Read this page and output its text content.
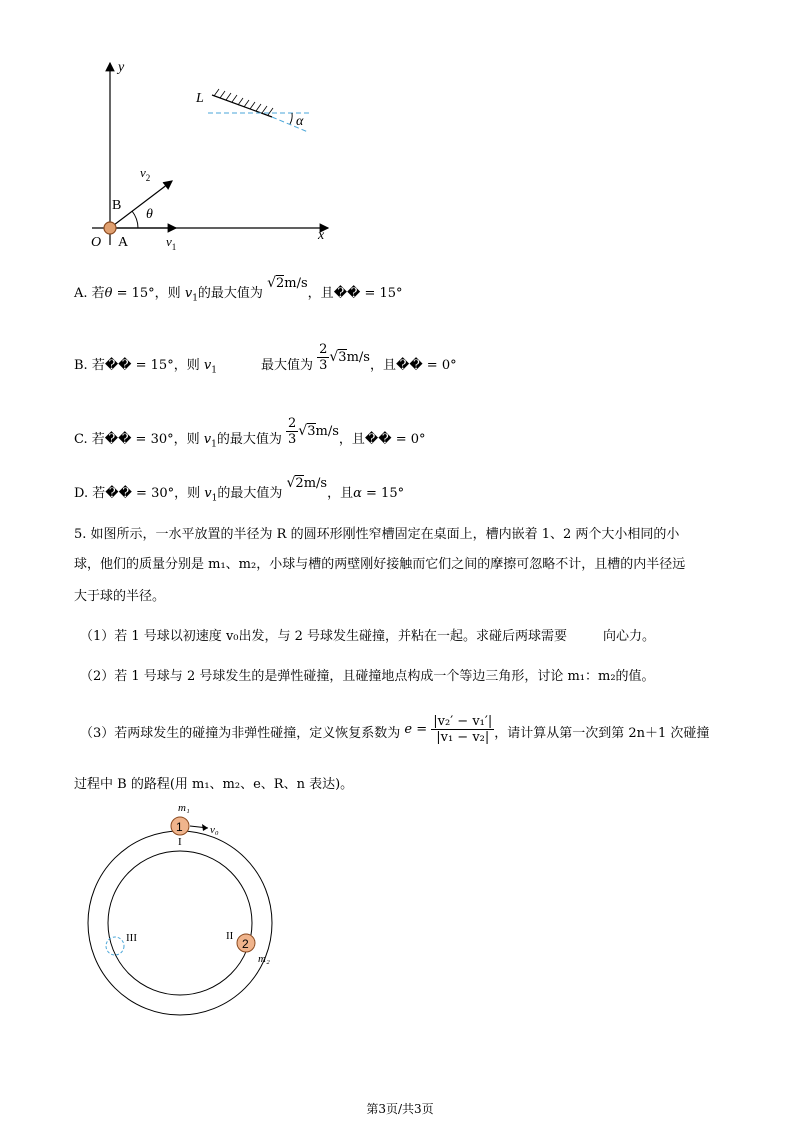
y
x
O A
B
θ
$v_2$
$v_1$
L
α
A. 若θ = 15°，则 $v_1$的最大值为 √2m/s，且�� = 15°
B. 若�� = 15°，则 $v_1$	最大值为 $\frac{2}{3} √3m/s$，且�� = 0°
C. 若�� = 30°，则 $v_1$的最大值为 $\frac{2}{3} √3m/s$，且�� = 0°
D. 若�� = 30°，则 $v_1$的最大值为 √2m/s，且α = 15°
5. 如图所示，一水平放置的半径为 R 的圆环形刚性窄槽固定在桌面上，槽内嵌着 1、2 两个大小相同的小
球，他们的质量分别是 m₁、m₂，小球与槽的两壁刚好接触而它们之间的摩擦可忽略不计，且槽的内半径远
大于球的半径。
（1）若 1 号球以初速度 v₀出发，与 2 号球发生碰撞，并粘在一起。求碰后两球需要	向心力。
（2）若 1 号球与 2 号球发生的是弹性碰撞，且碰撞地点构成一个等边三角形，讨论 m₁：m₂的值。
（3）若两球发生的碰撞为非弹性碰撞，定义恢复系数为 $e = \frac{\text{|v₂′ − v₁′|}}{\text{|v₁ − v₂|}}$ ，请计算从第一次到第 2n＋1 次碰撞
过程中 B 的路程(用 m₁、m₂、e、R、n 表达)。
1
2
m₁
v₀
I
II
III
m₂
第3页/共3页
